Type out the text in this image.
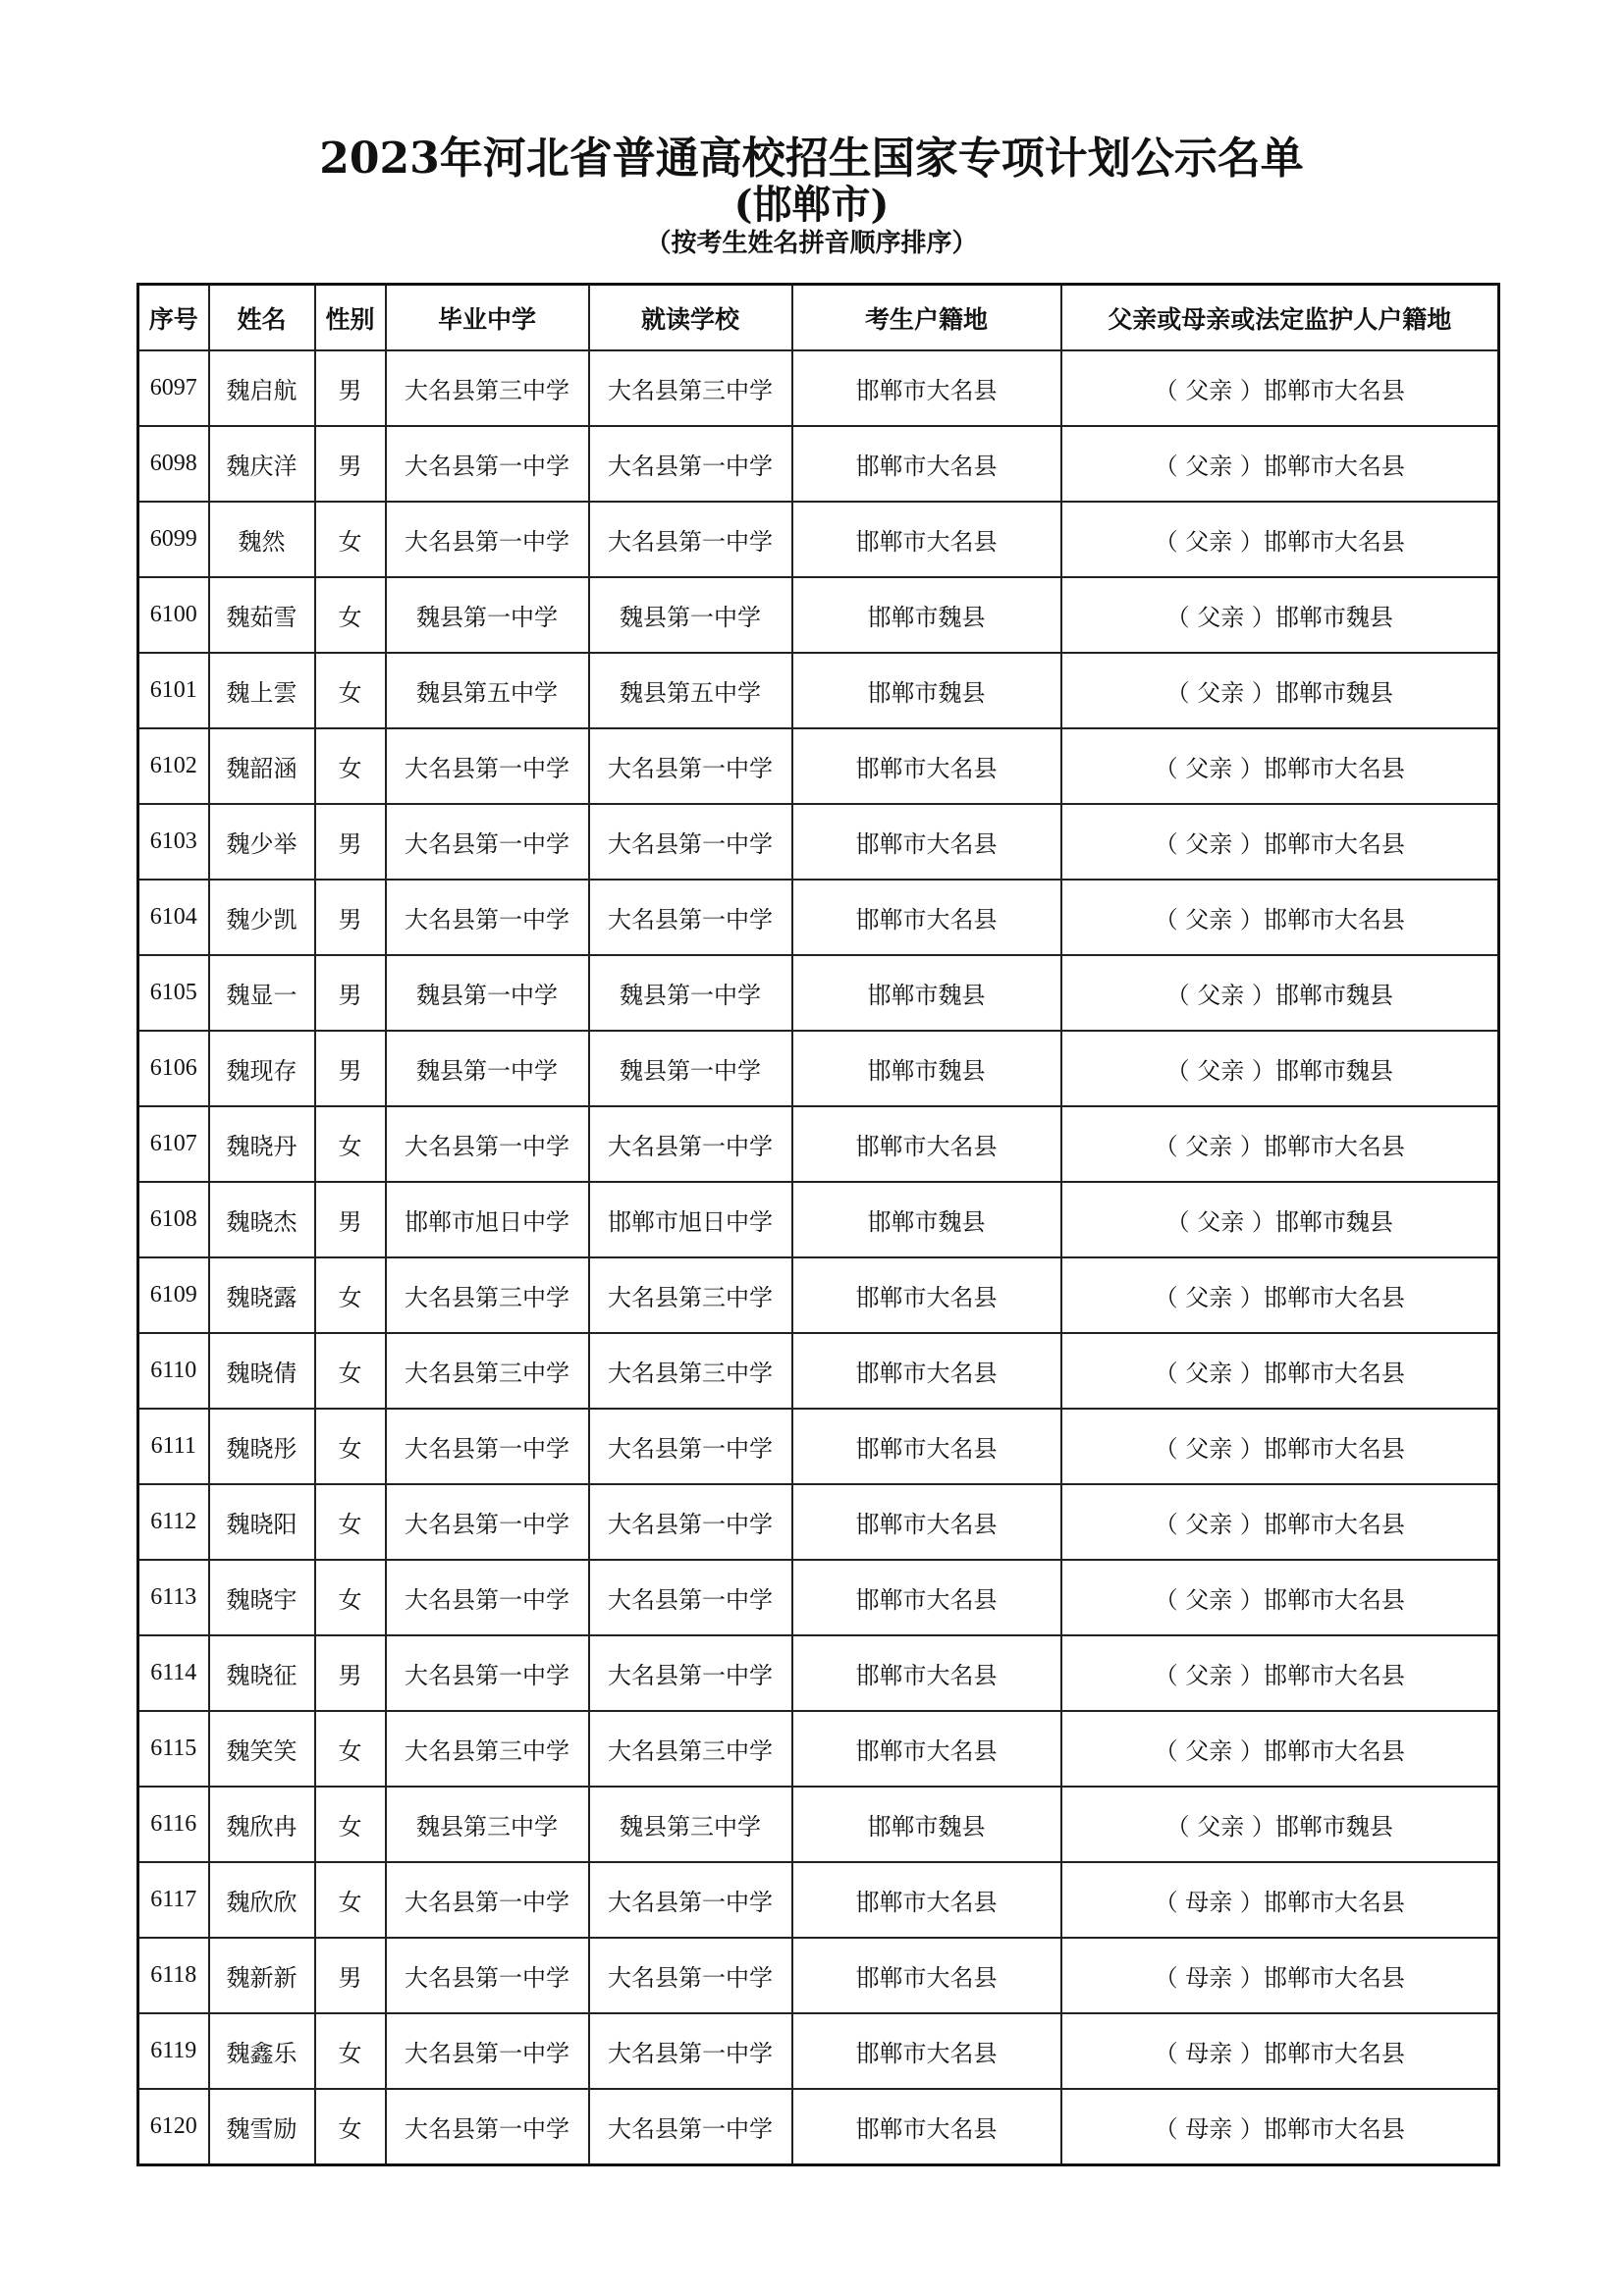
2023年河北省普通高校招生国家专项计划公示名单
(邯郸市)
（按考生姓名拼音顺序排序）
序号	姓名	性别	毕业中学	就读学校	考生户籍地	父亲或母亲或法定监护人户籍地
6097	魏启航	男	大名县第三中学	大名县第三中学	邯郸市大名县	（ 父亲 ）邯郸市大名县
6098	魏庆洋	男	大名县第一中学	大名县第一中学	邯郸市大名县	（ 父亲 ）邯郸市大名县
6099	魏然	女	大名县第一中学	大名县第一中学	邯郸市大名县	（ 父亲 ）邯郸市大名县
6100	魏茹雪	女	魏县第一中学	魏县第一中学	邯郸市魏县	（ 父亲 ）邯郸市魏县
6101	魏上雲	女	魏县第五中学	魏县第五中学	邯郸市魏县	（ 父亲 ）邯郸市魏县
6102	魏韶涵	女	大名县第一中学	大名县第一中学	邯郸市大名县	（ 父亲 ）邯郸市大名县
6103	魏少举	男	大名县第一中学	大名县第一中学	邯郸市大名县	（ 父亲 ）邯郸市大名县
6104	魏少凯	男	大名县第一中学	大名县第一中学	邯郸市大名县	（ 父亲 ）邯郸市大名县
6105	魏显一	男	魏县第一中学	魏县第一中学	邯郸市魏县	（ 父亲 ）邯郸市魏县
6106	魏现存	男	魏县第一中学	魏县第一中学	邯郸市魏县	（ 父亲 ）邯郸市魏县
6107	魏晓丹	女	大名县第一中学	大名县第一中学	邯郸市大名县	（ 父亲 ）邯郸市大名县
6108	魏晓杰	男	邯郸市旭日中学	邯郸市旭日中学	邯郸市魏县	（ 父亲 ）邯郸市魏县
6109	魏晓露	女	大名县第三中学	大名县第三中学	邯郸市大名县	（ 父亲 ）邯郸市大名县
6110	魏晓倩	女	大名县第三中学	大名县第三中学	邯郸市大名县	（ 父亲 ）邯郸市大名县
6111	魏晓彤	女	大名县第一中学	大名县第一中学	邯郸市大名县	（ 父亲 ）邯郸市大名县
6112	魏晓阳	女	大名县第一中学	大名县第一中学	邯郸市大名县	（ 父亲 ）邯郸市大名县
6113	魏晓宇	女	大名县第一中学	大名县第一中学	邯郸市大名县	（ 父亲 ）邯郸市大名县
6114	魏晓征	男	大名县第一中学	大名县第一中学	邯郸市大名县	（ 父亲 ）邯郸市大名县
6115	魏笑笑	女	大名县第三中学	大名县第三中学	邯郸市大名县	（ 父亲 ）邯郸市大名县
6116	魏欣冉	女	魏县第三中学	魏县第三中学	邯郸市魏县	（ 父亲 ）邯郸市魏县
6117	魏欣欣	女	大名县第一中学	大名县第一中学	邯郸市大名县	（ 母亲 ）邯郸市大名县
6118	魏新新	男	大名县第一中学	大名县第一中学	邯郸市大名县	（ 母亲 ）邯郸市大名县
6119	魏鑫乐	女	大名县第一中学	大名县第一中学	邯郸市大名县	（ 母亲 ）邯郸市大名县
6120	魏雪励	女	大名县第一中学	大名县第一中学	邯郸市大名县	（ 母亲 ）邯郸市大名县
